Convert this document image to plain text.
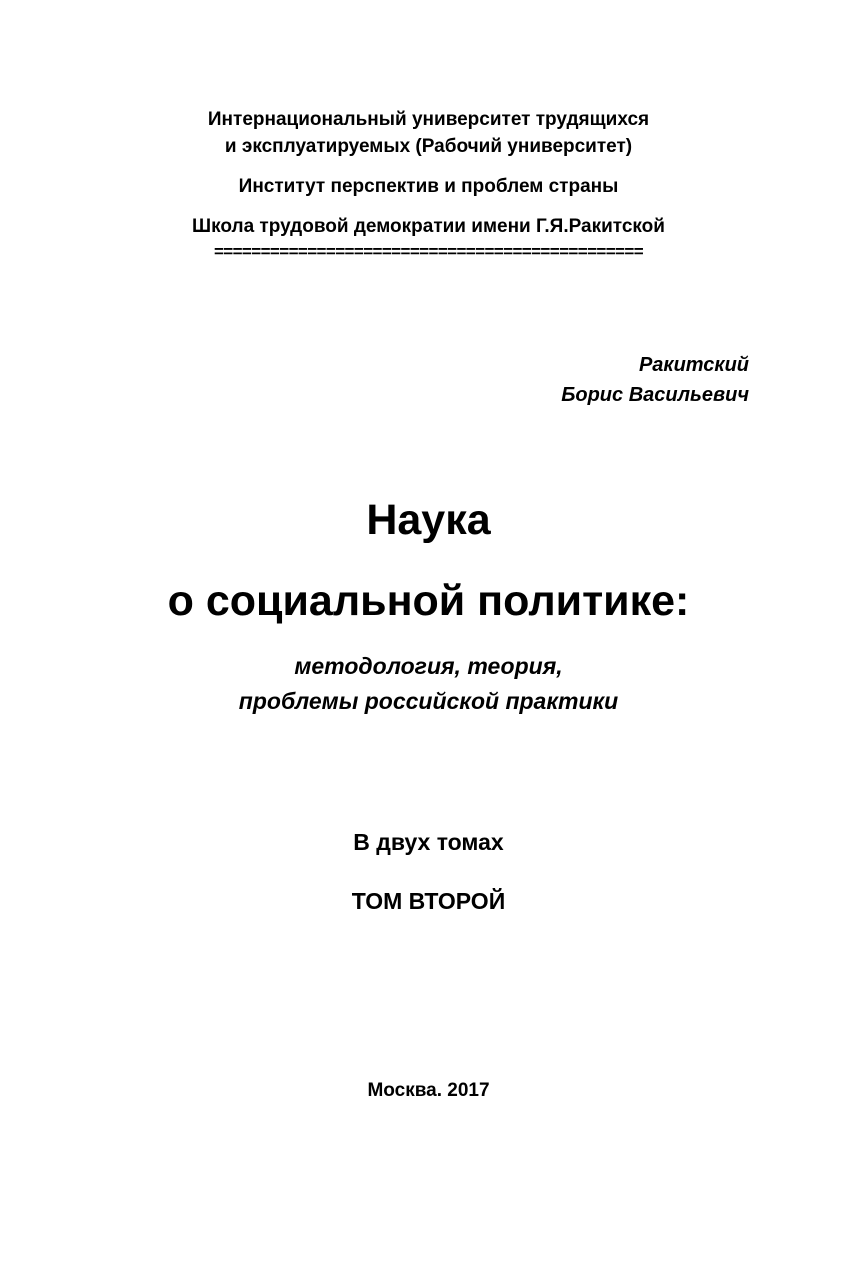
Интернациональный университет трудящихся
и эксплуатируемых (Рабочий университет)
Институт перспектив и проблем страны
Школа трудовой демократии имени Г.Я.Ракитской
==============================================
Ракитский
Борис Васильевич
Наука
о социальной политике:
методология, теория,
проблемы российской практики
В двух томах
ТОМ ВТОРОЙ
Москва. 2017
